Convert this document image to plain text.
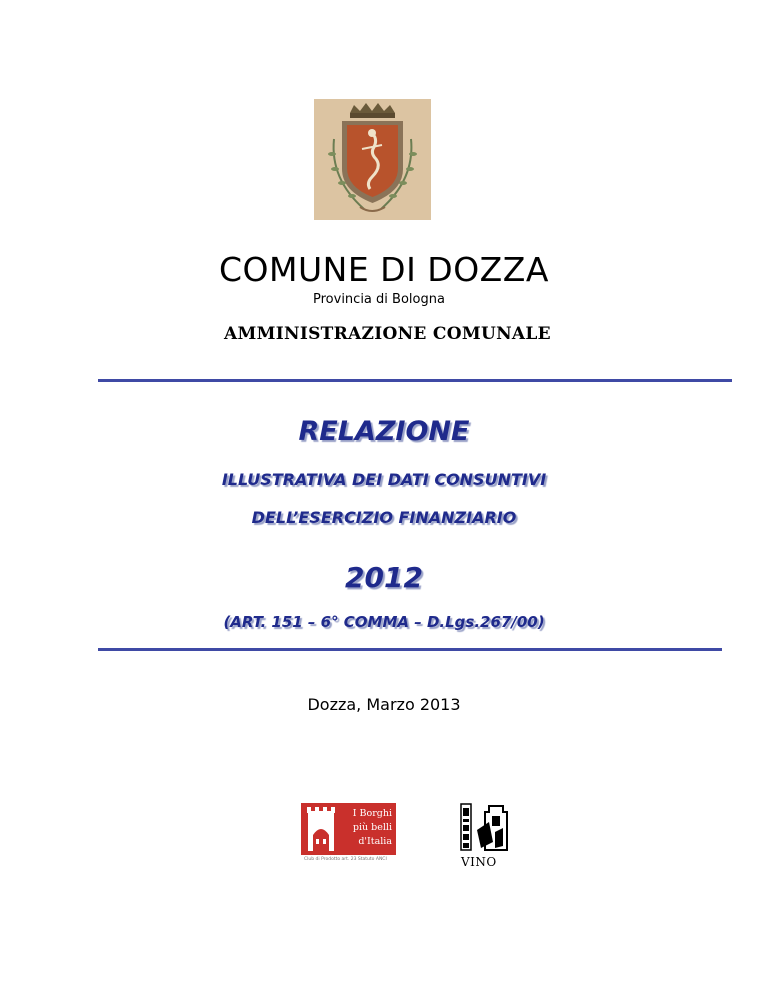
COMUNE DI DOZZA
Provincia di Bologna
AMMINISTRAZIONE COMUNALE
RELAZIONE
ILLUSTRATIVA DEI DATI CONSUNTIVI
DELL’ESERCIZIO FINANZIARIO
2012
(ART. 151 – 6° COMMA – D.Lgs.267/00)
Dozza, Marzo 2013
I Borghi
più belli
d'Italia
Club di Prodotto art. 23 Statuto ANCI	VINO
